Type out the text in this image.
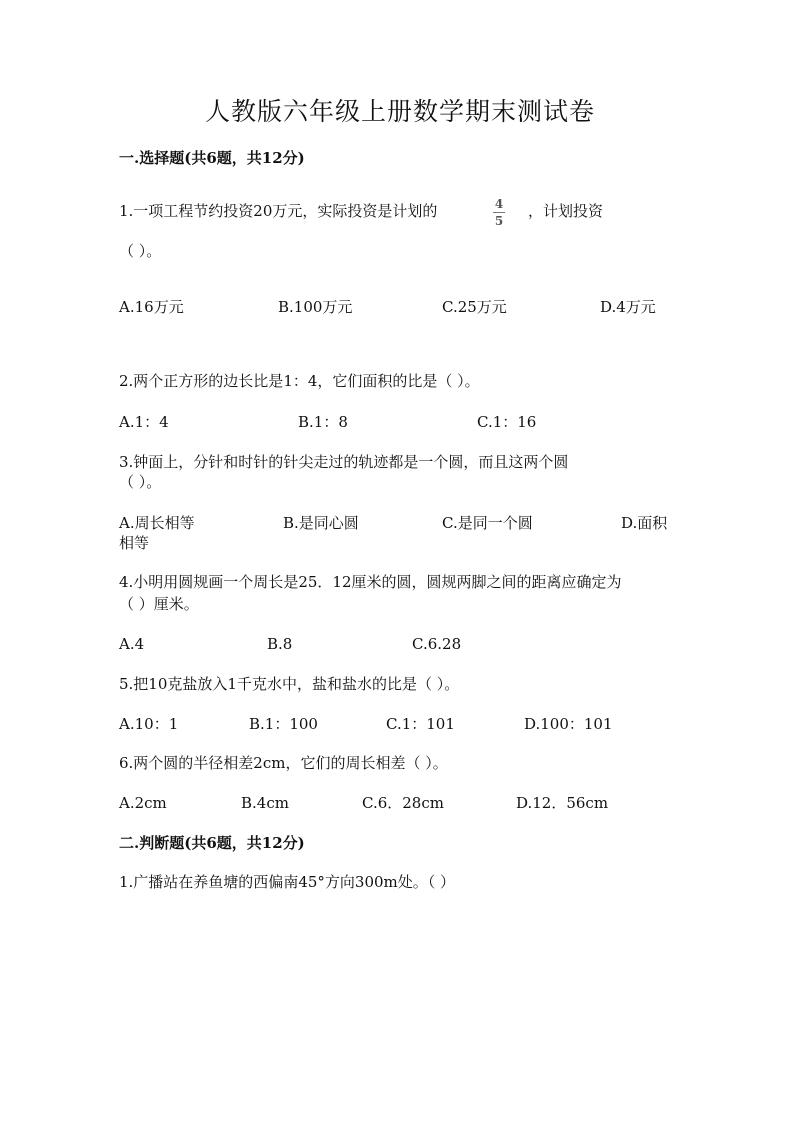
人教版六年级上册数学期末测试卷
一.选择题(共6题，共12分)
1.一项工程节约投资20万元，实际投资是计划的	4
5
，计划投资
（ ）。
A.16万元	B.100万元	C.25万元	D.4万元
2.两个正方形的边长比是1：4，它们面积的比是（ ）。
A.1：4	B.1：8	C.1：16
3.钟面上，分针和时针的针尖走过的轨迹都是一个圆，而且这两个圆
（ ）。
A.周长相等	B.是同心圆	C.是同一个圆	D.面积
相等
4.小明用圆规画一个周长是25．12厘米的圆，圆规两脚之间的距离应确定为
（ ）厘米。
A.4	B.8	C.6.28
5.把10克盐放入1千克水中，盐和盐水的比是（ ）。
A.10：1	B.1：100	C.1：101	D.100：101
6.两个圆的半径相差2cm，它们的周长相差（ ）。
A.2cm	B.4cm	C.6．28cm	D.12．56cm
二.判断题(共6题，共12分)
1.广播站在养鱼塘的西偏南45°方向300m处。（ ）
